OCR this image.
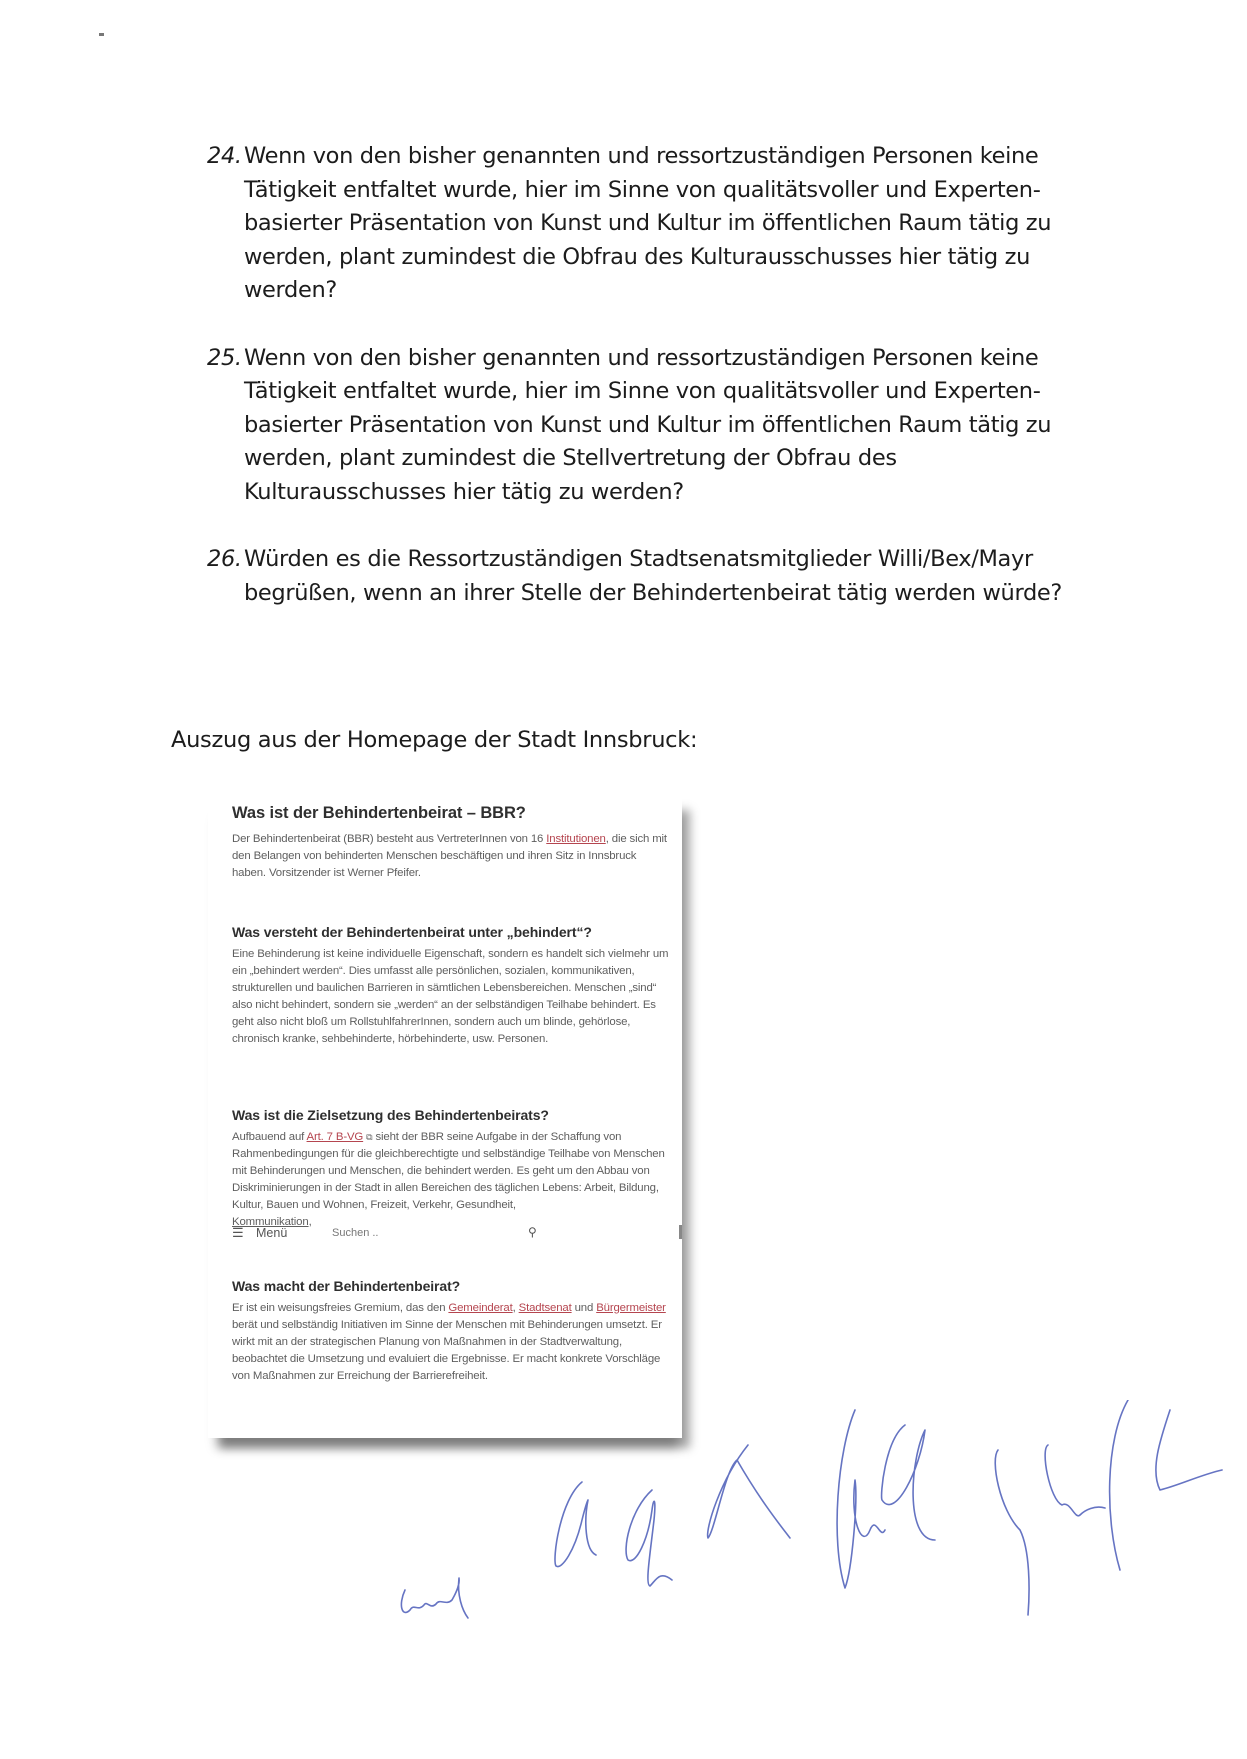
24. Wenn von den bisher genannten und ressortzuständigen Personen keine Tätigkeit entfaltet wurde, hier im Sinne von qualitätsvoller und Experten-basierter Präsentation von Kunst und Kultur im öffentlichen Raum tätig zu werden, plant zumindest die Obfrau des Kulturausschusses hier tätig zu werden?
25. Wenn von den bisher genannten und ressortzuständigen Personen keine Tätigkeit entfaltet wurde, hier im Sinne von qualitätsvoller und Experten-basierter Präsentation von Kunst und Kultur im öffentlichen Raum tätig zu werden, plant zumindest die Stellvertretung der Obfrau des Kulturausschusses hier tätig zu werden?
26. Würden es die Ressortzuständigen Stadtsenatsmitglieder Willi/Bex/Mayr begrüßen, wenn an ihrer Stelle der Behindertenbeirat tätig werden würde?
Auszug aus der Homepage der Stadt Innsbruck:
Was ist der Behindertenbeirat – BBR?

Der Behindertenbeirat (BBR) besteht aus VertreterInnen von 16 Institutionen, die sich mit den Belangen von behinderten Menschen beschäftigen und ihren Sitz in Innsbruck haben. Vorsitzender ist Werner Pfeifer.

Was versteht der Behindertenbeirat unter „behindert“?

Eine Behinderung ist keine individuelle Eigenschaft, sondern es handelt sich vielmehr um ein „behindert werden“. Dies umfasst alle persönlichen, sozialen, kommunikativen, strukturellen und baulichen Barrieren in sämtlichen Lebensbereichen. Menschen „sind“ also nicht behindert, sondern sie „werden“ an der selbständigen Teilhabe behindert. Es geht also nicht bloß um RollstuhlfahrerInnen, sondern auch um blinde, gehörlose, chronisch kranke, sehbehinderte, hörbehinderte, usw. Personen.

Was ist die Zielsetzung des Behindertenbeirats?

Aufbauend auf Art. 7 B-VG ⧉ sieht der BBR seine Aufgabe in der Schaffung von Rahmenbedingungen für die gleichberechtigte und selbständige Teilhabe von Menschen mit Behinderungen und Menschen, die behindert werden. Es geht um den Abbau von Diskriminierungen in der Stadt in allen Bereichen des täglichen Lebens: Arbeit, Bildung, Kultur, Bauen und Wohnen, Freizeit, Verkehr, Gesundheit,
Kommunikation,

☰ Menü	Suchen ..	⚲
Was macht der Behindertenbeirat?

Er ist ein weisungsfreies Gremium, das den Gemeinderat, Stadtsenat und Bürgermeister berät und selbständig Initiativen im Sinne der Menschen mit Behinderungen umsetzt. Er wirkt mit an der strategischen Planung von Maßnahmen in der Stadtverwaltung, beobachtet die Umsetzung und evaluiert die Ergebnisse. Er macht konkrete Vorschläge von Maßnahmen zur Erreichung der Barrierefreiheit.
